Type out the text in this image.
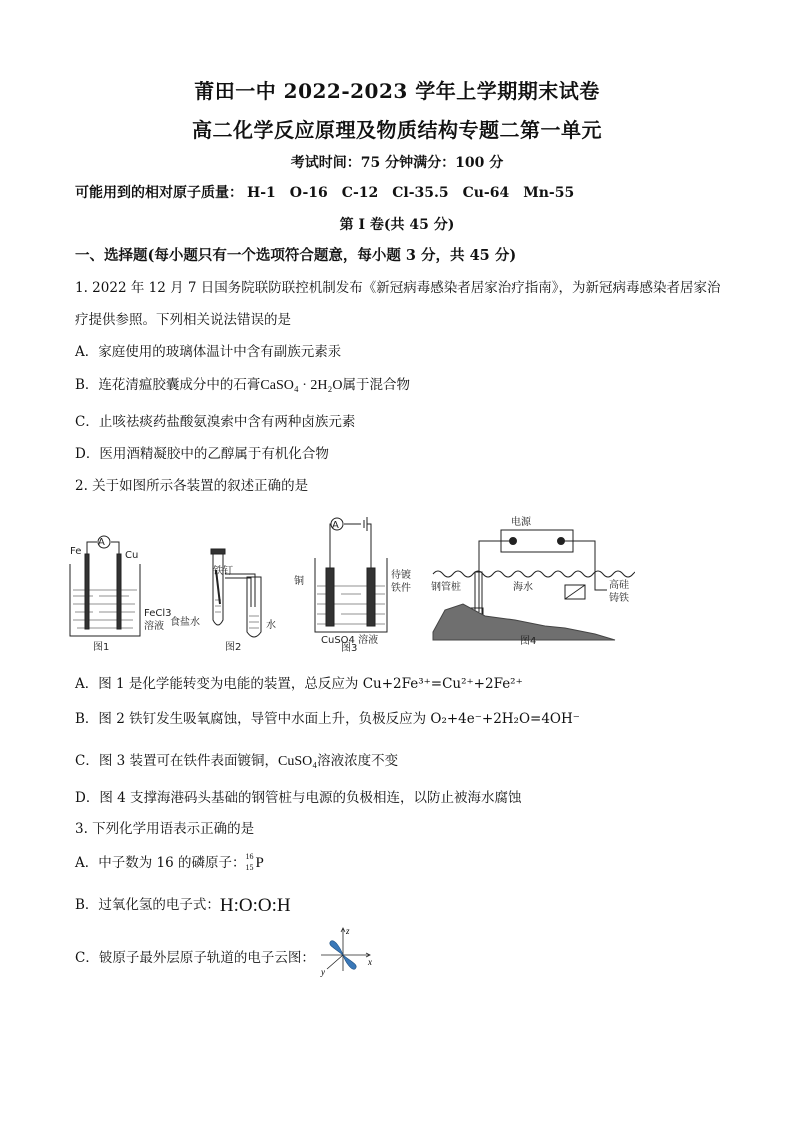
莆田一中 2022-2023 学年上学期期末试卷
高二化学反应原理及物质结构专题二第一单元
考试时间：75 分钟满分：100 分
可能用到的相对原子质量： H-1 O-16 C-12 Cl-35.5 Cu-64 Mn-55
第 I 卷(共 45 分)
一、选择题(每小题只有一个选项符合题意，每小题 3 分，共 45 分)
1. 2022 年 12 月 7 日国务院联防联控机制发布《新冠病毒感染者居家治疗指南》，为新冠病毒感染者居家治
疗提供参照。下列相关说法错误的是
A．家庭使用的玻璃体温计中含有副族元素汞
B．连花清瘟胶囊成分中的石膏CaSO₄ · 2H₂O属于混合物
C．止咳祛痰药盐酸氨溴索中含有两种卤族元素
D．医用酒精凝胶中的乙醇属于有机化合物
2. 关于如图所示各装置的叙述正确的是
A
Fe	Cu
FeCl3
溶液
图1
铁钉
食盐水	水
图2
A
铜
待镀
铁件
CuSO4 溶液
图3
电源
钢管桩	海水	高硅
铸铁
图4
A．图 1 是化学能转变为电能的装置，总反应为 Cu+2Fe³⁺=Cu²⁺+2Fe²⁺
B．图 2 铁钉发生吸氧腐蚀，导管中水面上升，负极反应为 O₂+4e⁻+2H₂O=4OH⁻
C．图 3 装置可在铁件表面镀铜，CuSO₄溶液浓度不变
D．图 4 支撑海港码头基础的钢管桩与电源的负极相连，以防止被海水腐蚀
3. 下列化学用语表示正确的是
A．中子数为 16 的磷原子： 16
15 P
B．过氧化氢的电子式：H:O:O:H
C．铍原子最外层原子轨道的电子云图：
z
x
y
